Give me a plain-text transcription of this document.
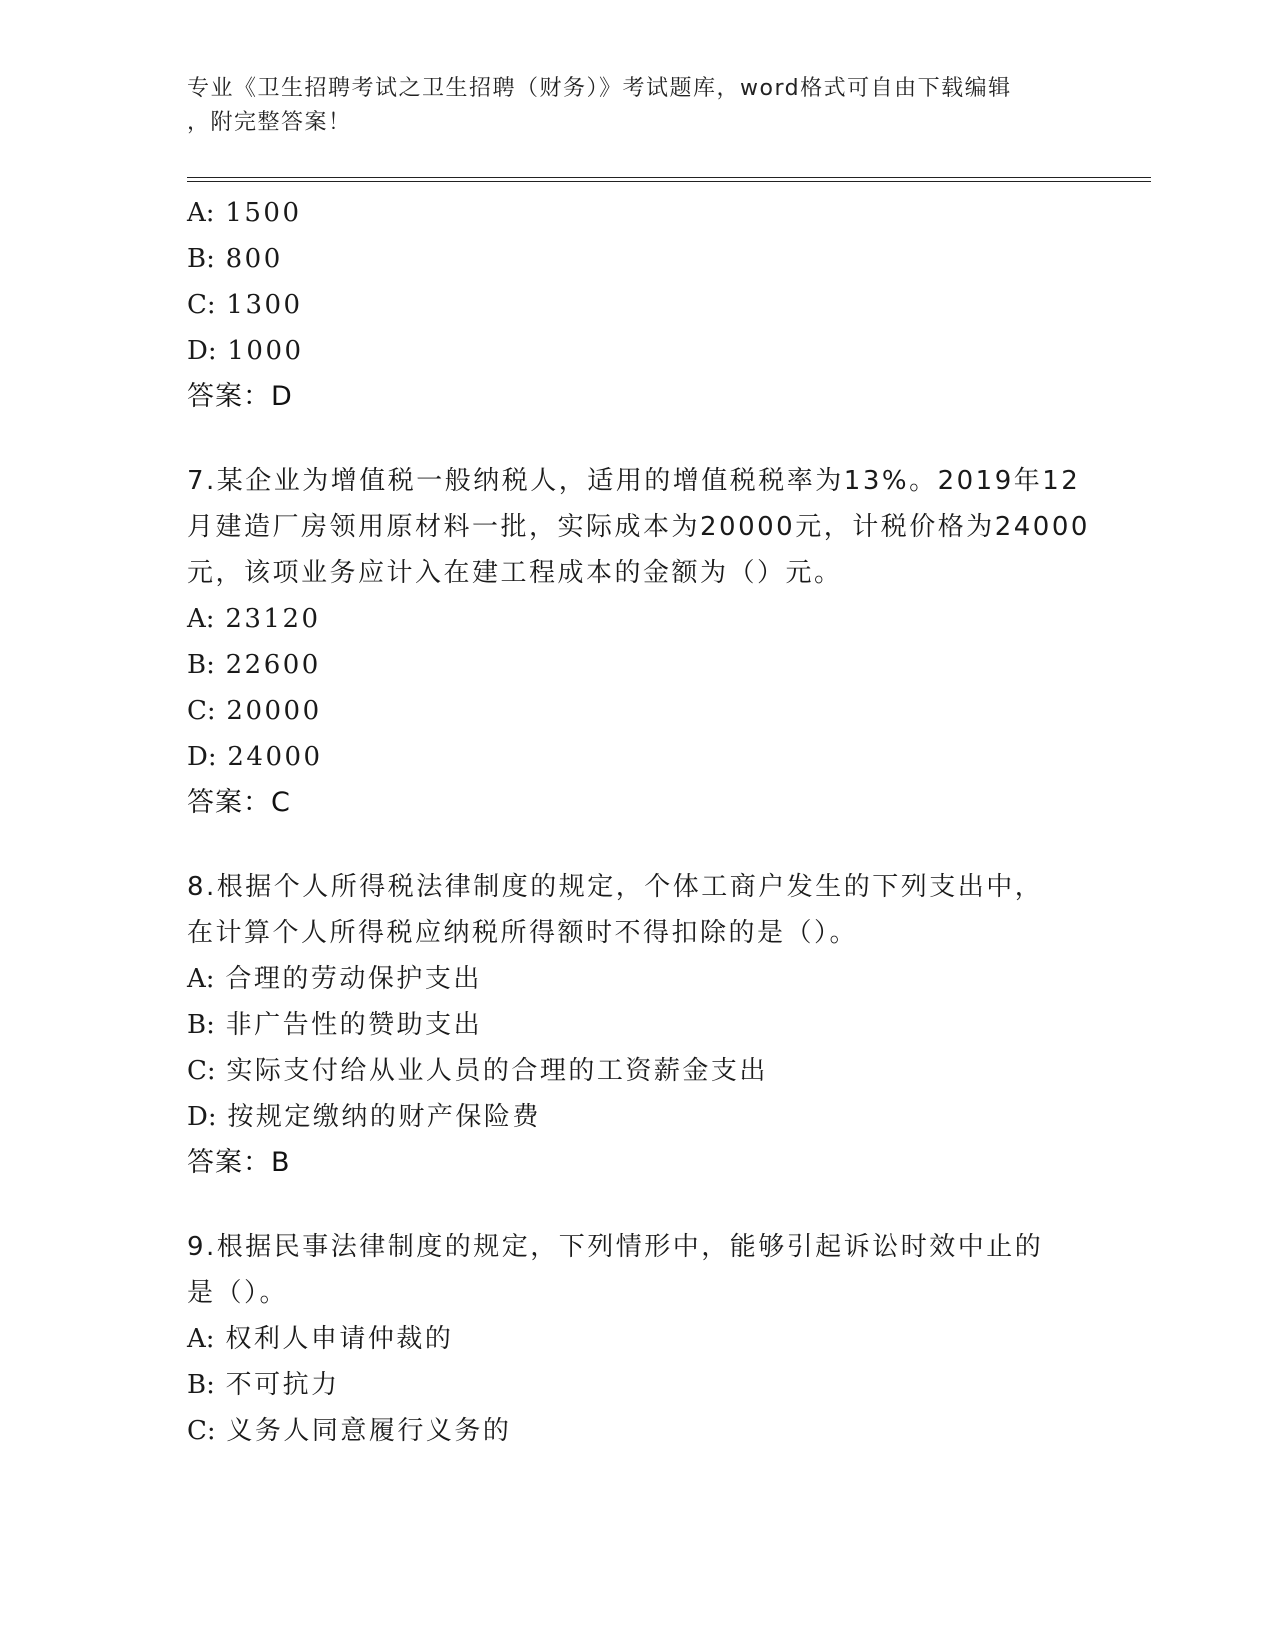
专业《卫生招聘考试之卫生招聘（财务）》考试题库，word格式可自由下载编辑
，附完整答案！
A: 1500
B: 800
C: 1300
D: 1000
答案：D
7.某企业为增值税一般纳税人，适用的增值税税率为13%。2019年12
月建造厂房领用原材料一批，实际成本为20000元，计税价格为24000
元，该项业务应计入在建工程成本的金额为（）元。
A: 23120
B: 22600
C: 20000
D: 24000
答案：C
8.根据个人所得税法律制度的规定，个体工商户发生的下列支出中，
在计算个人所得税应纳税所得额时不得扣除的是（）。
A: 合理的劳动保护支出
B: 非广告性的赞助支出
C: 实际支付给从业人员的合理的工资薪金支出
D: 按规定缴纳的财产保险费
答案：B
9.根据民事法律制度的规定，下列情形中，能够引起诉讼时效中止的
是（）。
A: 权利人申请仲裁的
B: 不可抗力
C: 义务人同意履行义务的
